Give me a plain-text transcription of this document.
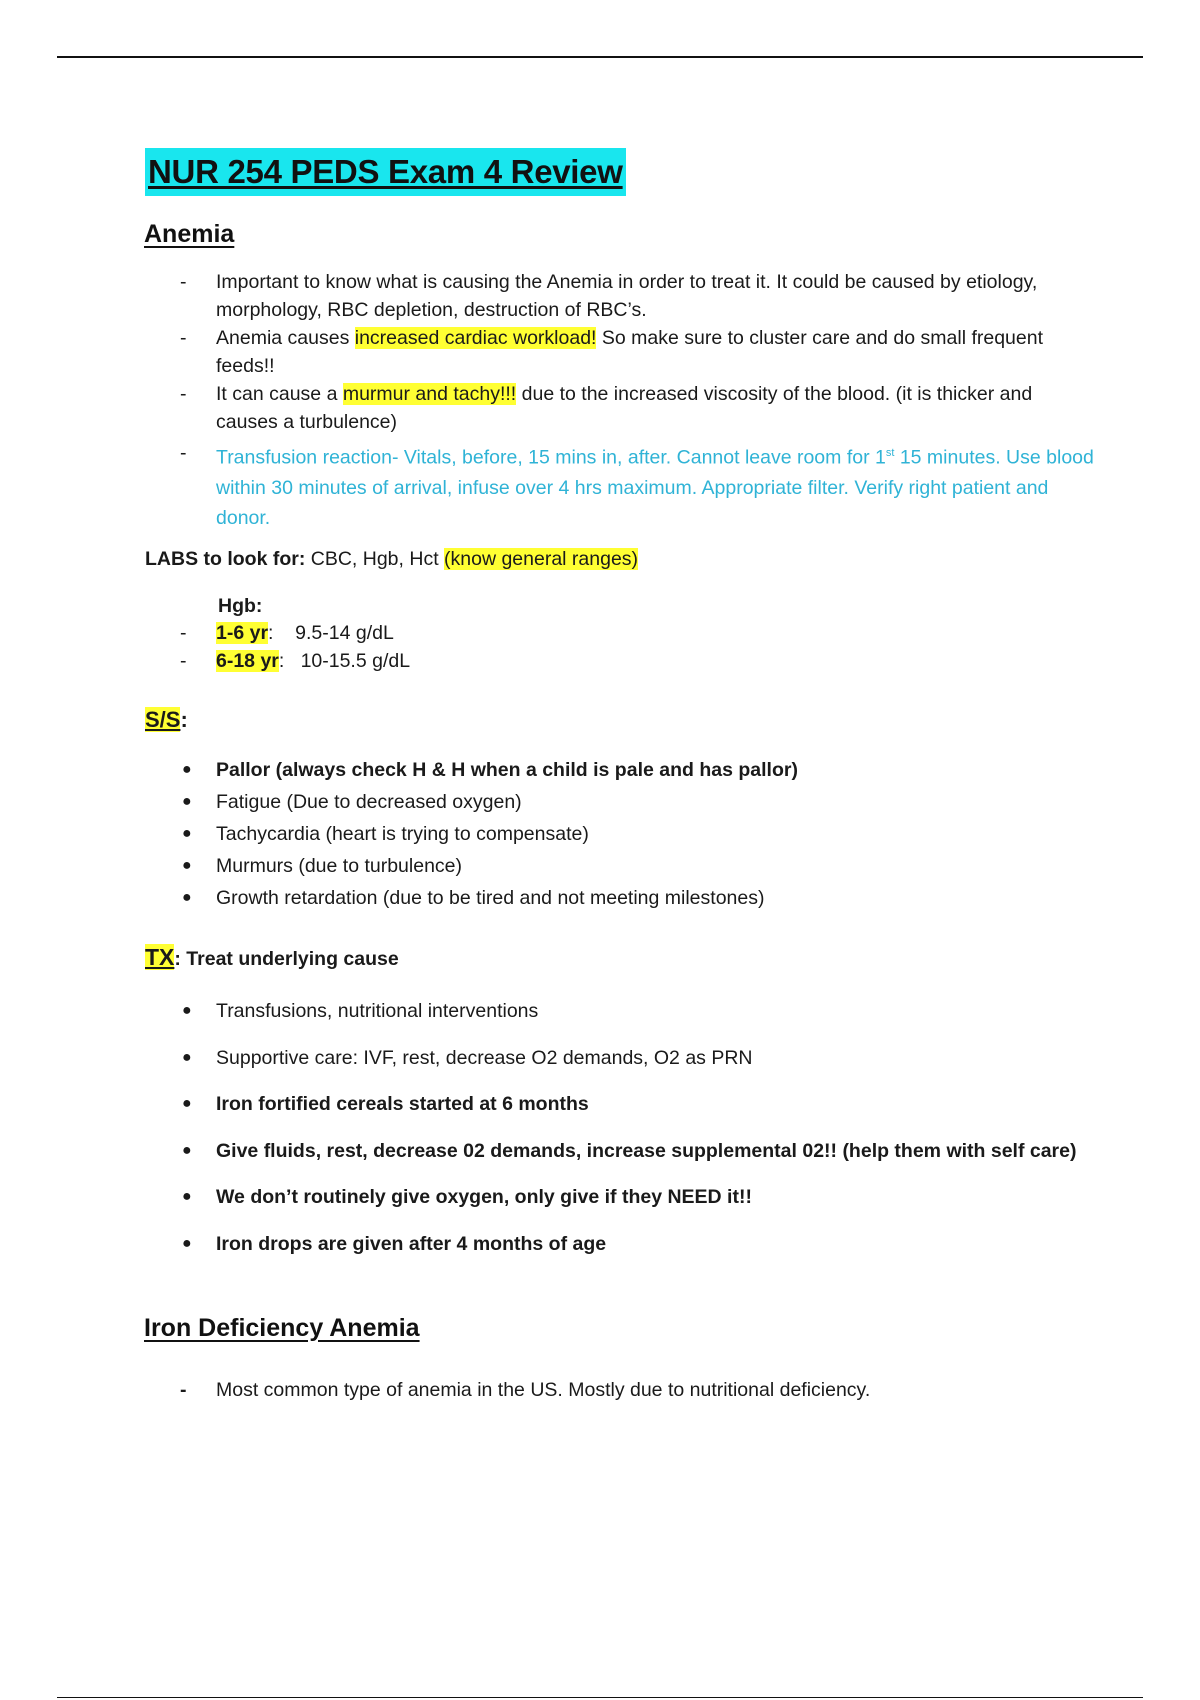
NUR 254 PEDS Exam 4 Review
Anemia
- Important to know what is causing the Anemia in order to treat it. It could be caused by etiology, morphology, RBC depletion, destruction of RBC’s.
- Anemia causes increased cardiac workload! So make sure to cluster care and do small frequent feeds!!
- It can cause a murmur and tachy!!! due to the increased viscosity of the blood. (it is thicker and causes a turbulence)
- Transfusion reaction- Vitals, before, 15 mins in, after. Cannot leave room for 1st 15 minutes. Use blood within 30 minutes of arrival, infuse over 4 hrs maximum. Appropriate filter. Verify right patient and donor.
LABS to look for: CBC, Hgb, Hct (know general ranges)
Hgb:
- 1-6 yr:    9.5-14 g/dL
- 6-18 yr:   10-15.5 g/dL
S/S:
● Pallor (always check H & H when a child is pale and has pallor)
● Fatigue (Due to decreased oxygen)
● Tachycardia (heart is trying to compensate)
● Murmurs (due to turbulence)
● Growth retardation (due to be tired and not meeting milestones)
TX: Treat underlying cause
● Transfusions, nutritional interventions
● Supportive care: IVF, rest, decrease O2 demands, O2 as PRN
● Iron fortified cereals started at 6 months
● Give fluids, rest, decrease 02 demands, increase supplemental 02!! (help them with self care)
● We don’t routinely give oxygen, only give if they NEED it!!
● Iron drops are given after 4 months of age
Iron Deficiency Anemia
- Most common type of anemia in the US. Mostly due to nutritional deficiency.
